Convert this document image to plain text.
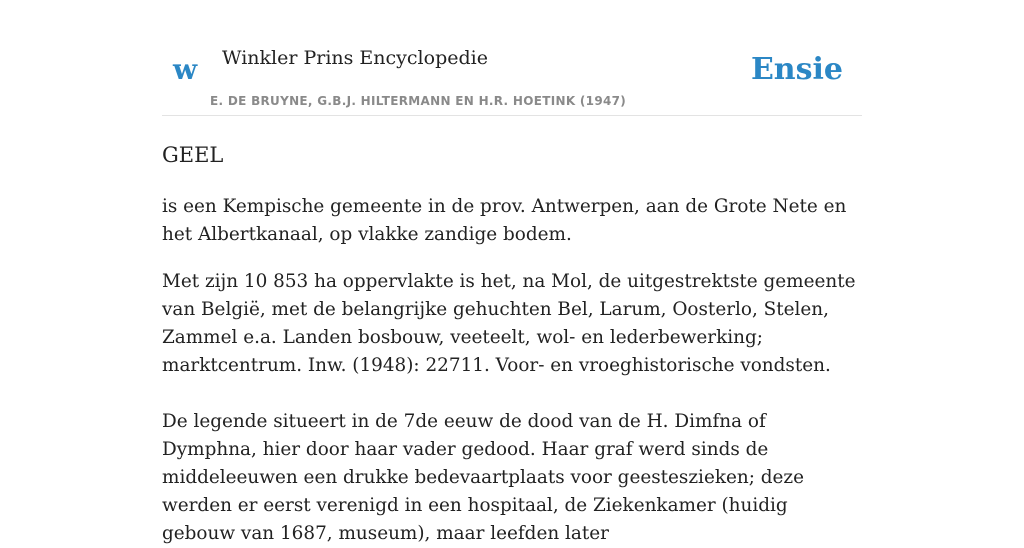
w Winkler Prins Encyclopedie
E. DE BRUYNE, G.B.J. HILTERMANN EN H.R. HOETINK (1947)
Ensie
GEEL

is een Kempische gemeente in de prov. Antwerpen, aan de Grote Nete en het Albertkanaal, op vlakke zandige bodem.

Met zijn 10 853 ha oppervlakte is het, na Mol, de uitgestrektste gemeente van België, met de belangrijke gehuchten Bel, Larum, Oosterlo, Stelen, Zammel e.a. Landen bosbouw, veeteelt, wol- en lederbewerking; marktcentrum. Inw. (1948): 22711. Voor- en vroeghistorische vondsten.

De legende situeert in de 7de eeuw de dood van de H. Dimfna of Dymphna, hier door haar vader gedood. Haar graf werd sinds de middeleeuwen een drukke bedevaartplaats voor geesteszieken; deze werden er eerst verenigd in een hospitaal, de Ziekenkamer (huidig gebouw van 1687, museum), maar leefden later
